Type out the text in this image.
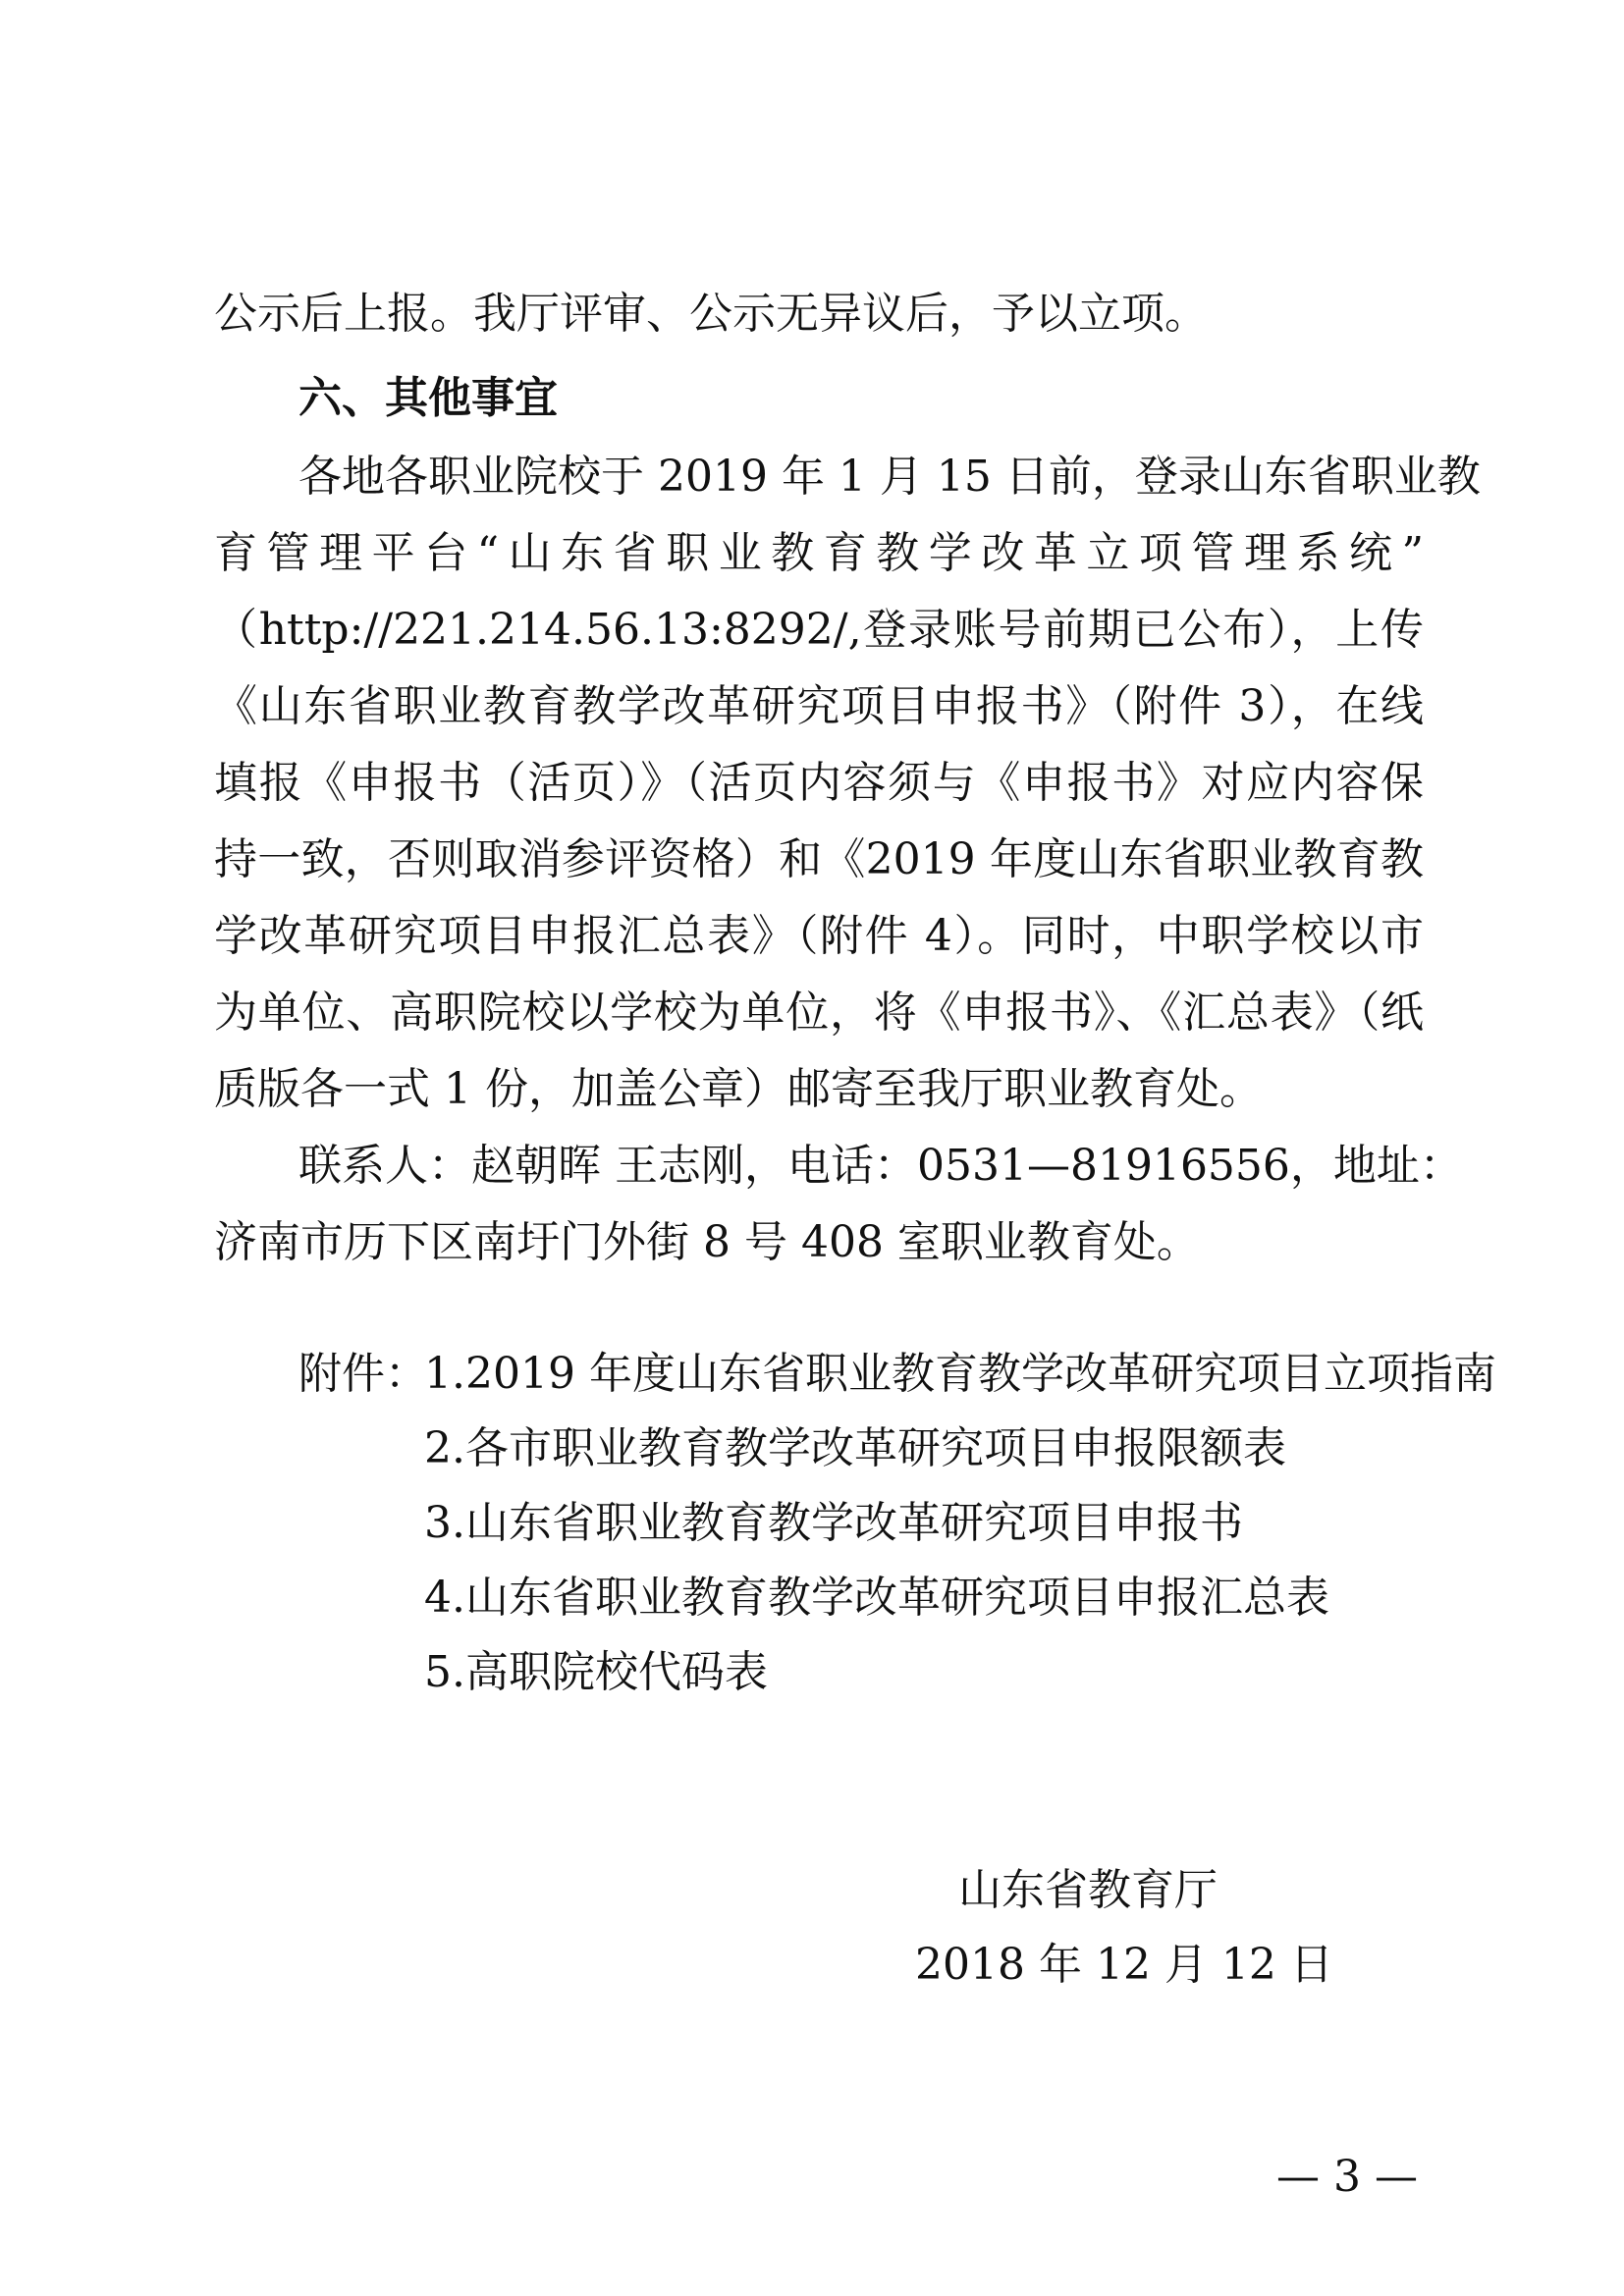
公示后上报。我厅评审、公示无异议后，予以立项。
六、其他事宜
各地各职业院校于 2019 年 1 月 15 日前，登录山东省职业教
育管理平台“山东省职业教育教学改革立项管理系统”
（http://221.214.56.13:8292/,登录账号前期已公布），上传
《山东省职业教育教学改革研究项目申报书》（附件 3），在线
填报《申报书（活页）》（活页内容须与《申报书》对应内容保
持一致，否则取消参评资格）和《2019 年度山东省职业教育教
学改革研究项目申报汇总表》（附件 4）。同时，中职学校以市
为单位、高职院校以学校为单位，将《申报书》、《汇总表》（纸
质版各一式 1 份，加盖公章）邮寄至我厅职业教育处。
联系人：赵朝晖 王志刚，电话：0531—81916556，地址：
济南市历下区南圩门外街 8 号 408 室职业教育处。
附件：
1.2019 年度山东省职业教育教学改革研究项目立项指南
2.各市职业教育教学改革研究项目申报限额表
3.山东省职业教育教学改革研究项目申报书
4.山东省职业教育教学改革研究项目申报汇总表
5.高职院校代码表
山东省教育厅
2018 年 12 月 12 日
— 3 —
